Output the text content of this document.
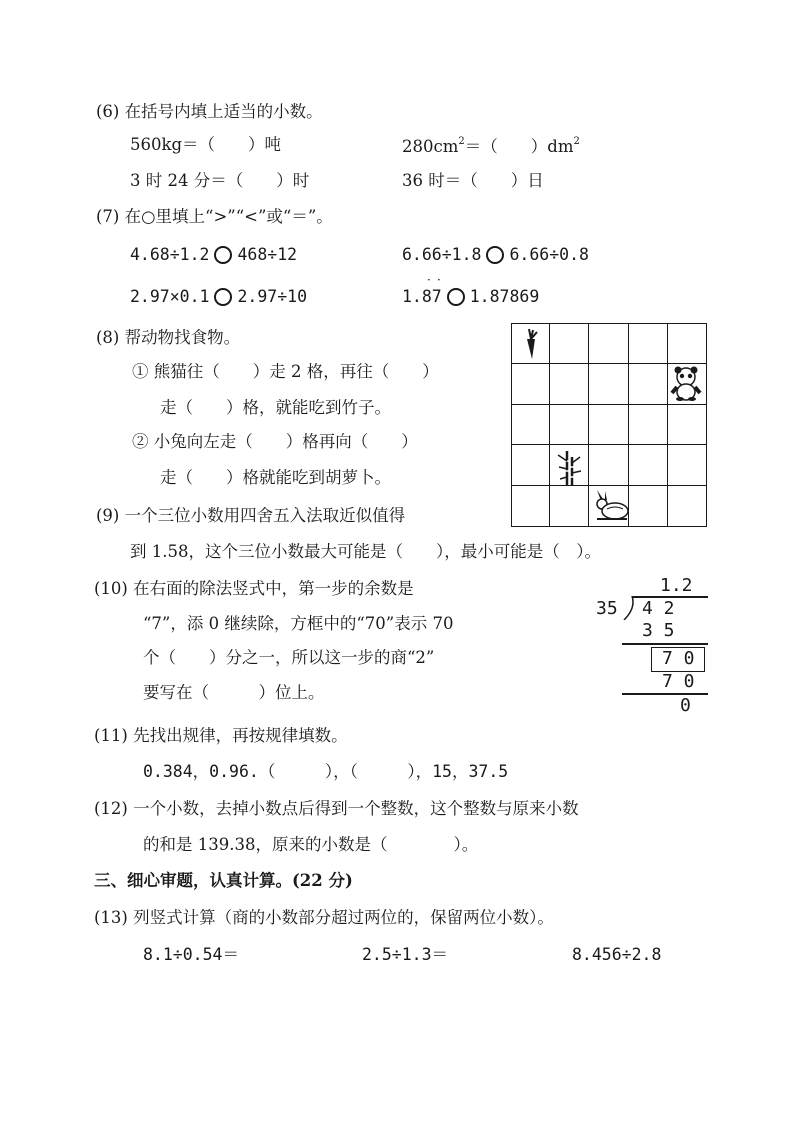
(6) 在括号内填上适当的小数。
560kg＝（　　）吨	$280cm^2=$（　　）$dm^2$
3 时 24 分＝（　　）时	36 时＝（　　）日
(7) 在○里填上“>”“<”或“＝”。
4.68÷1.2 468÷12	6.66÷1.8 6.66÷0.8
2.97×0.1 2.97÷10	1.87 1.87869
· ·
(8) 帮动物找食物。
① 熊猫往（　　）走 2 格，再往（　　）
走（　　）格，就能吃到竹子。
② 小兔向左走（　　）格再向（　　）
走（　　）格就能吃到胡萝卜。
(9) 一个三位小数用四舍五入法取近似值得
到 1.58，这个三位小数最大可能是（　　），最小可能是（　）。
(10) 在右面的除法竖式中，第一步的余数是
“7”，添 0 继续除，方框中的“70”表示 70
个（　　）分之一，所以这一步的商“2”
要写在（　　　）位上。
1.2
35 4 2
3 5
7 0
7 0
0
(11) 先找出规律，再按规律填数。
0.384，0.96.（　　　），（　　　），15，37.5
(12) 一个小数，去掉小数点后得到一个整数，这个整数与原来小数
的和是 139.38，原来的小数是（　　　　）。
三、细心审题，认真计算。(22 分)
(13) 列竖式计算（商的小数部分超过两位的，保留两位小数）。
8.1÷0.54＝	2.5÷1.3＝	8.456÷2.8
